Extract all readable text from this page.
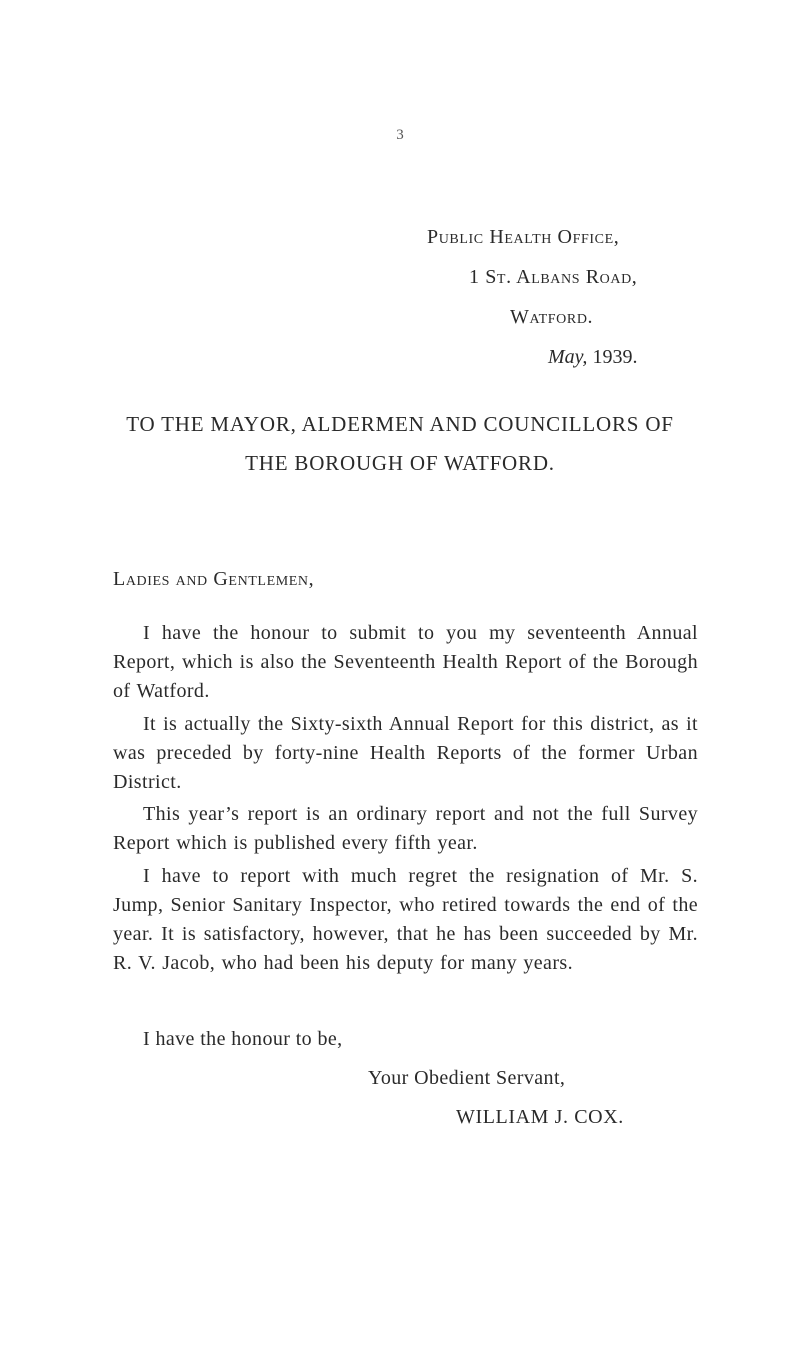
3
Public Health Office,
1 St. Albans Road,
Watford.
May, 1939.
TO THE MAYOR, ALDERMEN AND COUNCILLORS OF
THE BOROUGH OF WATFORD.
Ladies and Gentlemen,

I have the honour to submit to you my seventeenth Annual Report, which is also the Seventeenth Health Report of the Borough of Watford.

It is actually the Sixty-sixth Annual Report for this district, as it was preceded by forty-nine Health Reports of the former Urban District.

This year’s report is an ordinary report and not the full Survey Report which is published every fifth year.

I have to report with much regret the resignation of Mr. S. Jump, Senior Sanitary Inspector, who retired towards the end of the year. It is satisfactory, however, that he has been succeeded by Mr. R. V. Jacob, who had been his deputy for many years.

I have the honour to be,
Your Obedient Servant,
WILLIAM J. COX.
